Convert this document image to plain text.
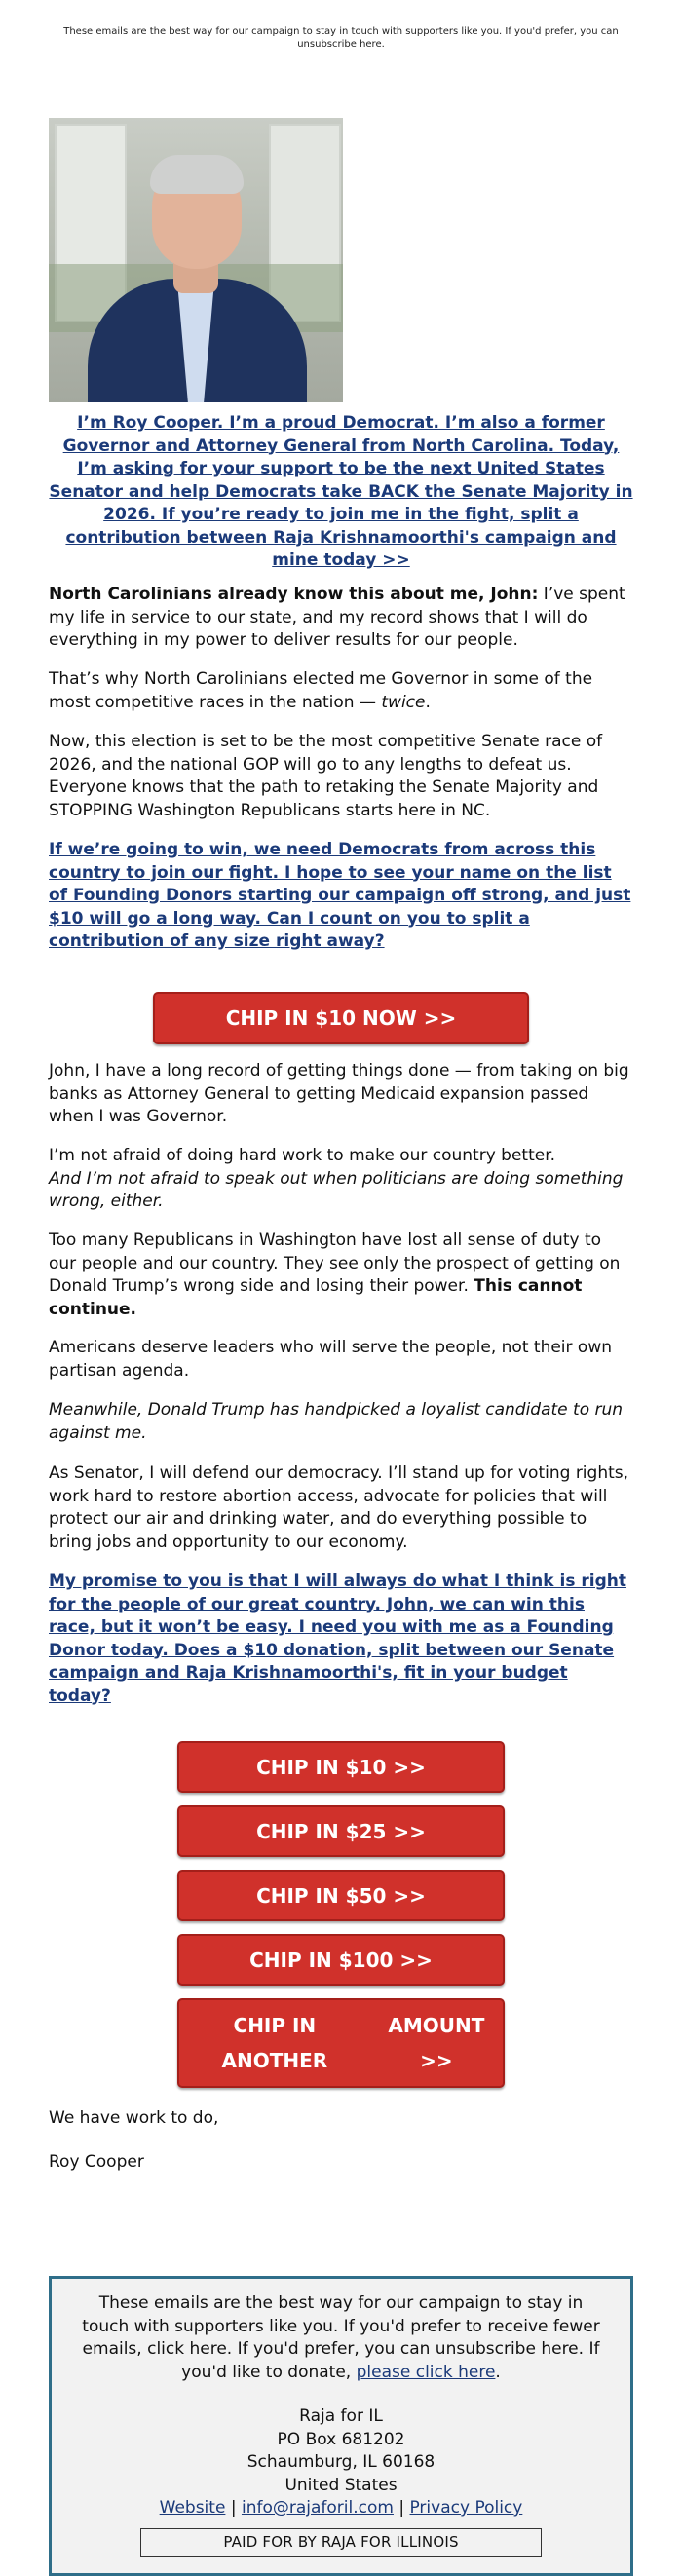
These emails are the best way for our campaign to stay in touch with supporters like you. If you'd prefer, you can unsubscribe here.

I’m Roy Cooper. I’m a proud Democrat. I’m also a former Governor and Attorney General from North Carolina. Today, I’m asking for your support to be the next United States Senator and help Democrats take BACK the Senate Majority in 2026. If you’re ready to join me in the fight, split a contribution between Raja Krishnamoorthi's campaign and mine today >>

North Carolinians already know this about me, John: I’ve spent my life in service to our state, and my record shows that I will do everything in my power to deliver results for our people.

That’s why North Carolinians elected me Governor in some of the most competitive races in the nation — twice.

Now, this election is set to be the most competitive Senate race of 2026, and the national GOP will go to any lengths to defeat us. Everyone knows that the path to retaking the Senate Majority and STOPPING Washington Republicans starts here in NC.

If we’re going to win, we need Democrats from across this country to join our fight. I hope to see your name on the list of Founding Donors starting our campaign off strong, and just $10 will go a long way. Can I count on you to split a contribution of any size right away?

CHIP IN $10 NOW >>

John, I have a long record of getting things done — from taking on big banks as Attorney General to getting Medicaid expansion passed when I was Governor.

I’m not afraid of doing hard work to make our country better.
And I’m not afraid to speak out when politicians are doing something wrong, either.

Too many Republicans in Washington have lost all sense of duty to our people and our country. They see only the prospect of getting on Donald Trump’s wrong side and losing their power. This cannot continue.

Americans deserve leaders who will serve the people, not their own partisan agenda.

Meanwhile, Donald Trump has handpicked a loyalist candidate to run against me.

As Senator, I will defend our democracy. I’ll stand up for voting rights, work hard to restore abortion access, advocate for policies that will protect our air and drinking water, and do everything possible to bring jobs and opportunity to our economy.

My promise to you is that I will always do what I think is right for the people of our great country. John, we can win this race, but it won’t be easy. I need you with me as a Founding Donor today. Does a $10 donation, split between our Senate campaign and Raja Krishnamoorthi's, fit in your budget today?

CHIP IN $10 >>
CHIP IN $25 >>
CHIP IN $50 >>
CHIP IN $100 >>
CHIP IN ANOTHER

AMOUNT >>

We have work to do,

Roy Cooper

These emails are the best way for our campaign to stay in touch with supporters like you. If you'd prefer to receive fewer emails, click here. If you'd prefer, you can unsubscribe here. If you'd like to donate, please click here.
Raja for IL
PO Box 681202
Schaumburg, IL 60168
United States
Website | info@rajaforil.com | Privacy Policy
PAID FOR BY RAJA FOR ILLINOIS
